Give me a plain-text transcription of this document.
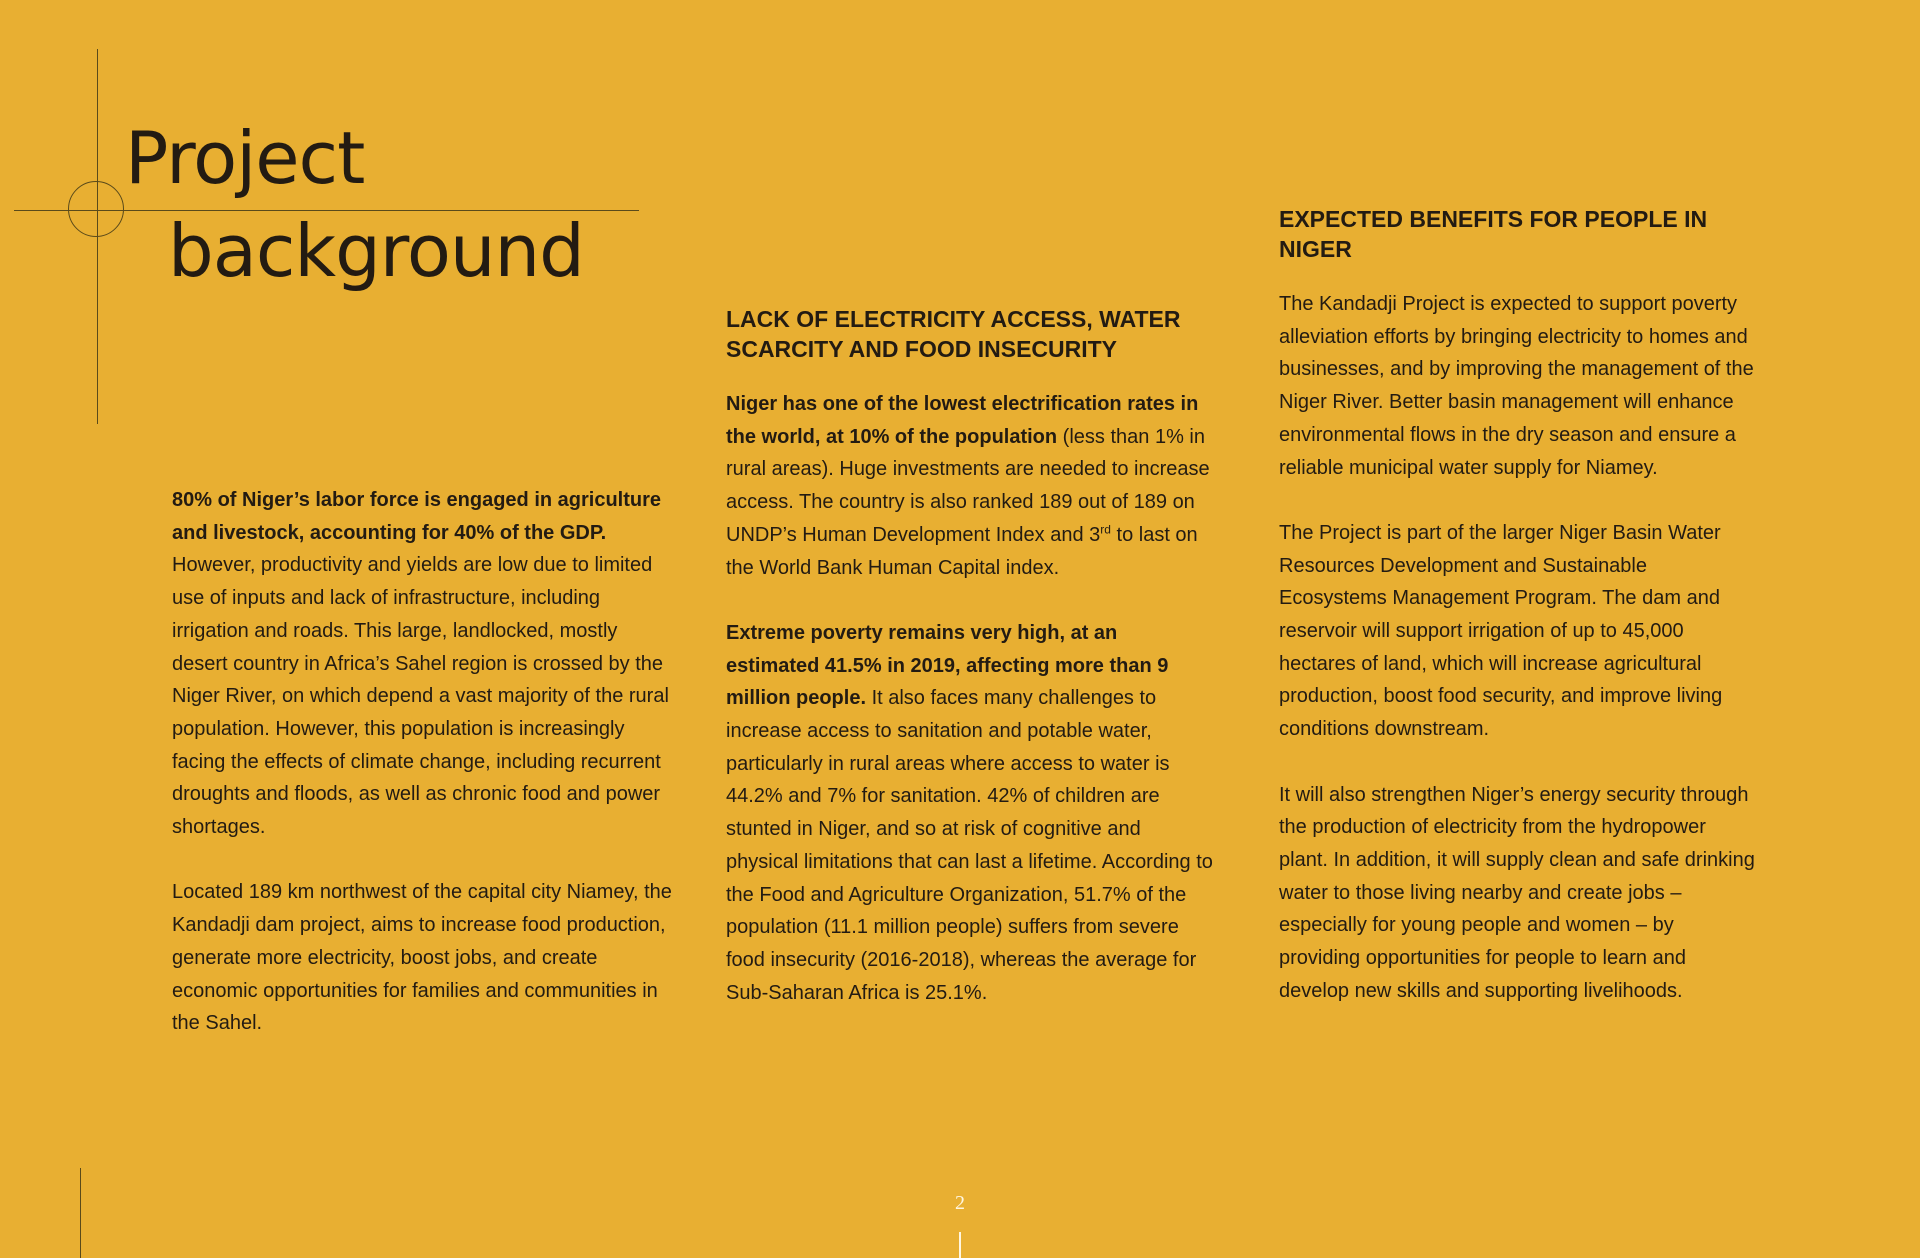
Project
background

80% of Niger’s labor force is engaged in agriculture and livestock, accounting for 40% of the GDP. However, productivity and yields are low due to limited use of inputs and lack of infrastructure, including irrigation and roads. This large, landlocked, mostly desert country in Africa’s Sahel region is crossed by the Niger River, on which depend a vast majority of the rural population. However, this population is increasingly facing the effects of climate change, including recurrent droughts and floods, as well as chronic food and power shortages.

Located 189 km northwest of the capital city Niamey, the Kandadji dam project, aims to increase food production, generate more electricity, boost jobs, and create economic opportunities for families and communities in the Sahel.

LACK OF ELECTRICITY ACCESS, WATER SCARCITY AND FOOD INSECURITY

Niger has one of the lowest electrification rates in the world, at 10% of the population (less than 1% in rural areas). Huge investments are needed to increase access. The country is also ranked 189 out of 189 on UNDP’s Human Development Index and 3rd to last on the World Bank Human Capital index.

Extreme poverty remains very high, at an estimated 41.5% in 2019, affecting more than 9 million people. It also faces many challenges to increase access to sanitation and potable water, particularly in rural areas where access to water is 44.2% and 7% for sanitation. 42% of children are stunted in Niger, and so at risk of cognitive and physical limitations that can last a lifetime. According to the Food and Agriculture Organization, 51.7% of the population (11.1 million people) suffers from severe food insecurity (2016-2018), whereas the average for Sub-Saharan Africa is 25.1%.

EXPECTED BENEFITS FOR PEOPLE IN NIGER

The Kandadji Project is expected to support poverty alleviation efforts by bringing electricity to homes and businesses, and by improving the management of the Niger River. Better basin management will enhance environmental flows in the dry season and ensure a reliable municipal water supply for Niamey.

The Project is part of the larger Niger Basin Water Resources Development and Sustainable Ecosystems Management Program. The dam and reservoir will support irrigation of up to 45,000 hectares of land, which will increase agricultural production, boost food security, and improve living conditions downstream.

It will also strengthen Niger’s energy security through the production of electricity from the hydropower plant. In addition, it will supply clean and safe drinking water to those living nearby and create jobs – especially for young people and women – by providing opportunities for people to learn and develop new skills and supporting livelihoods.

2
